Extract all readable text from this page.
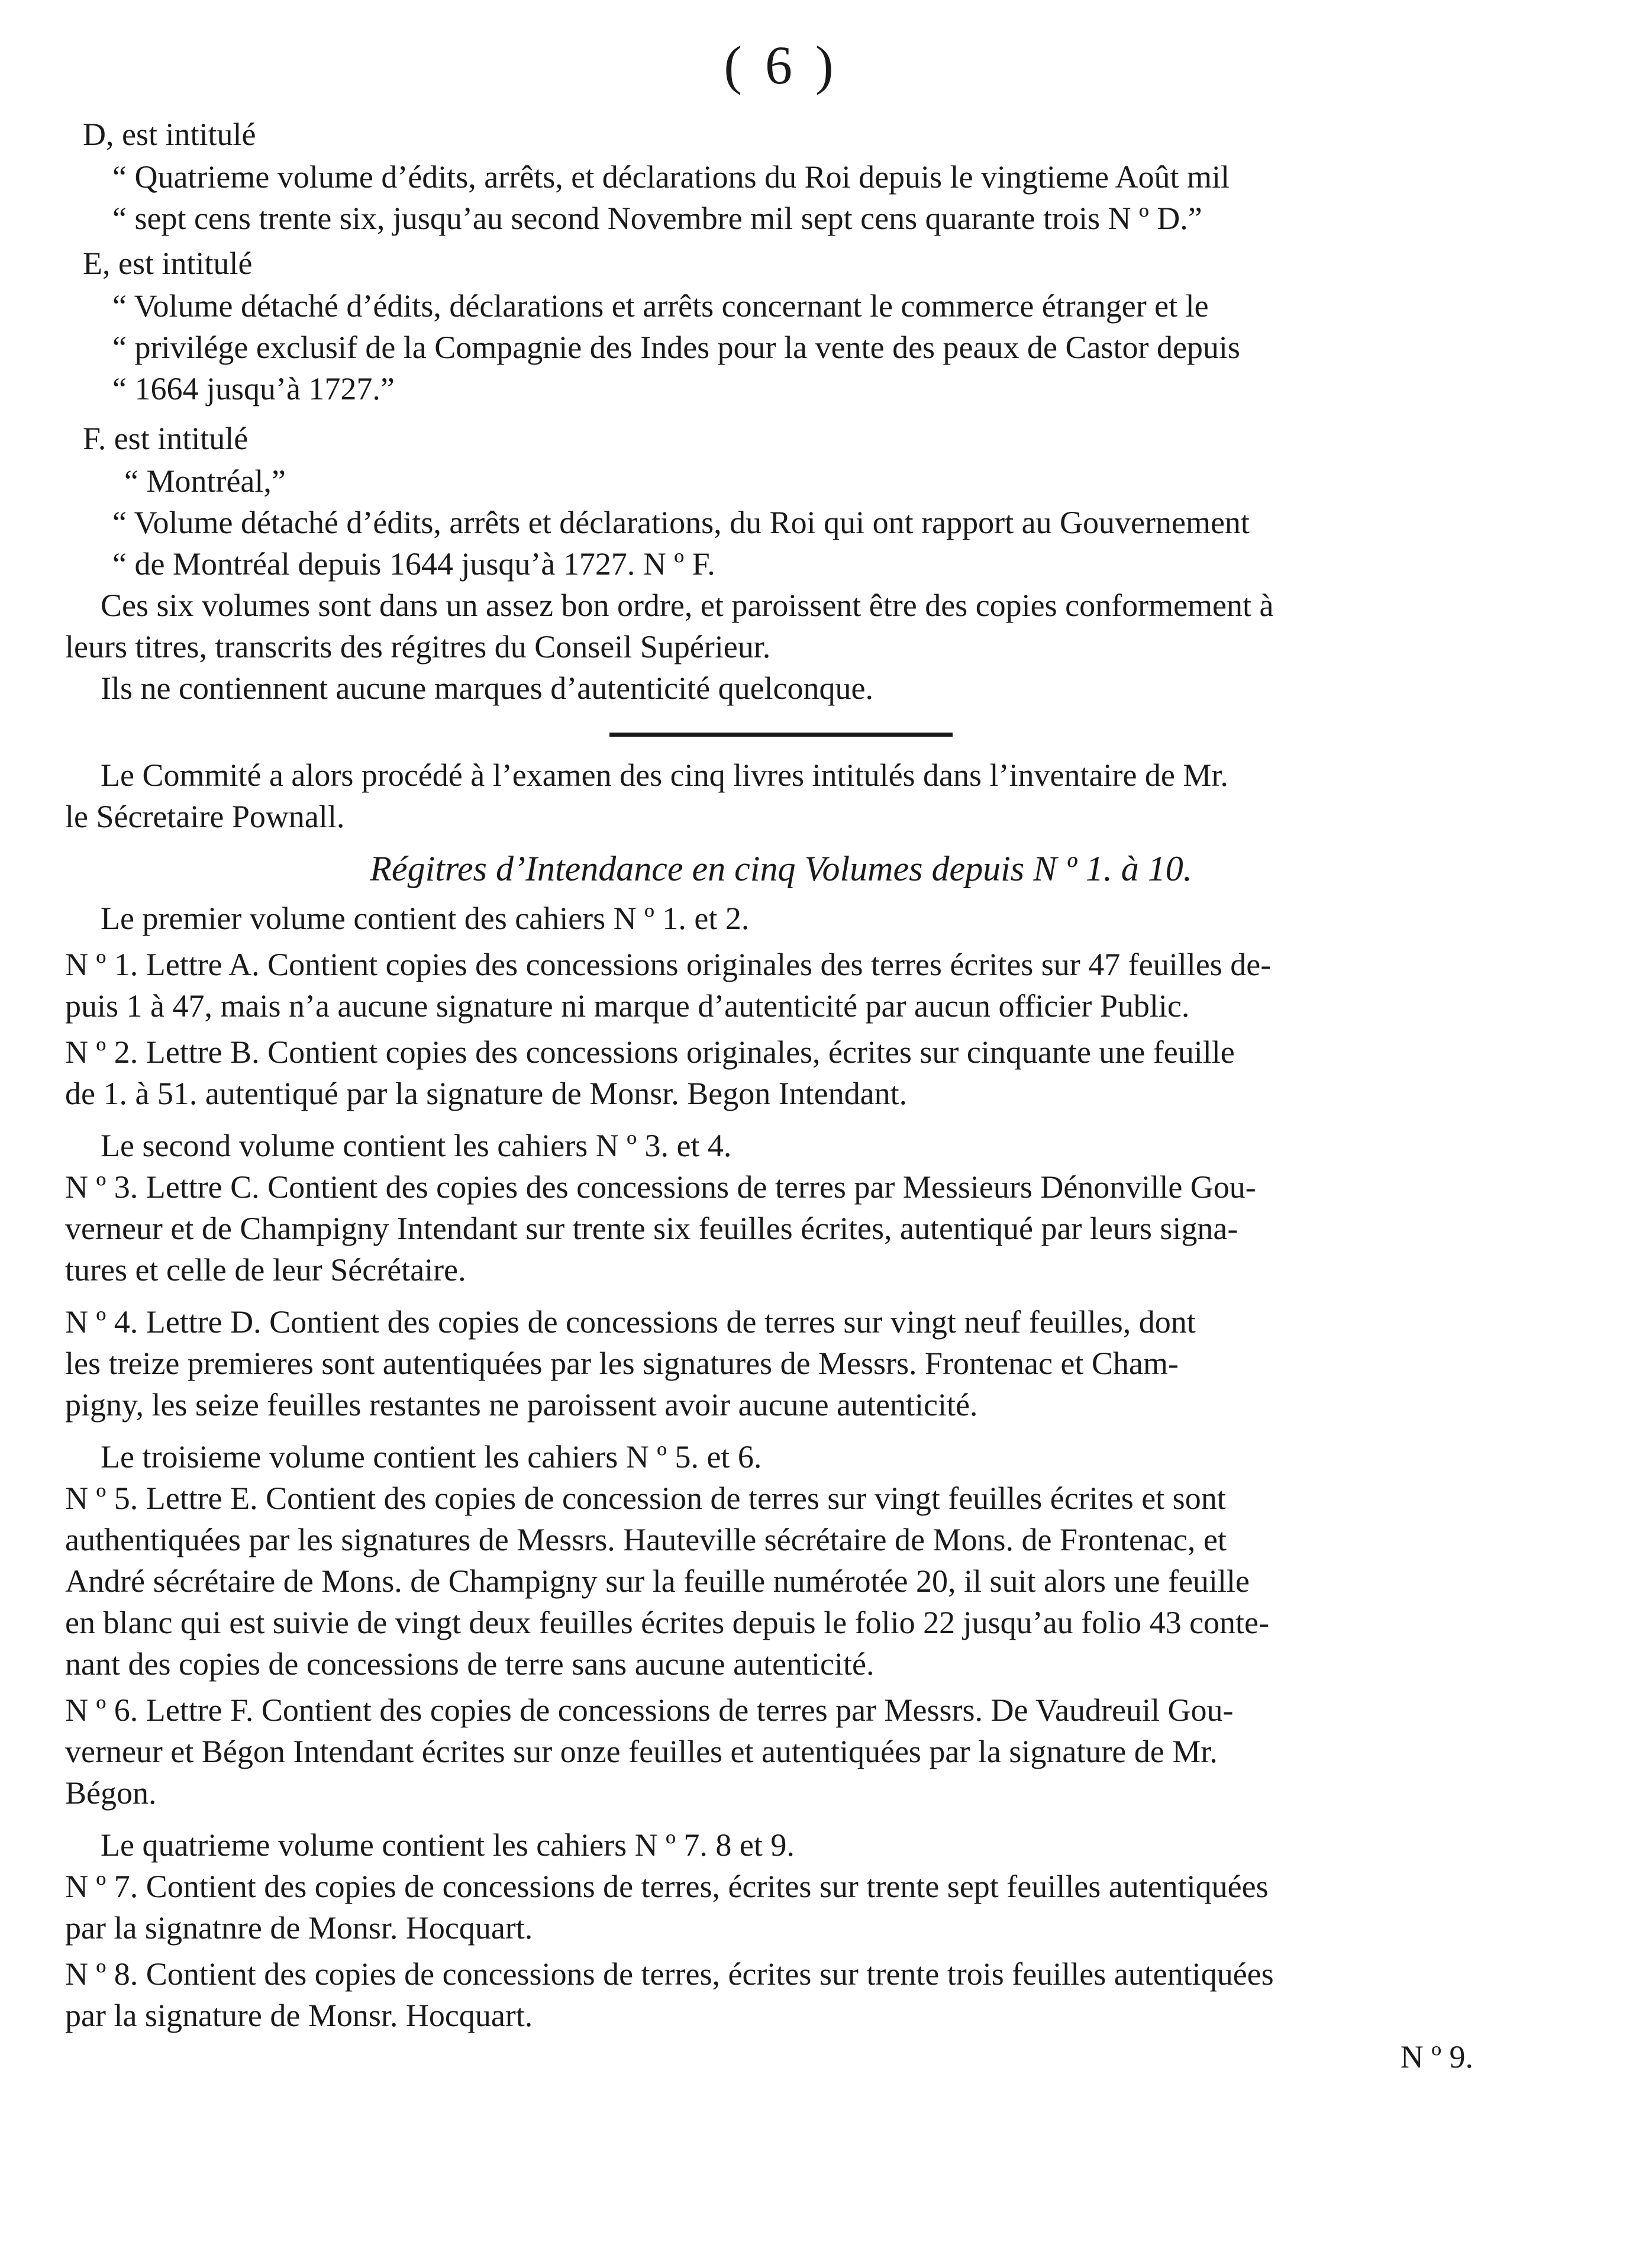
( 6 )
D, est intitulé
“ Quatrieme volume d’édits, arrêts, et déclarations du Roi depuis le vingtieme Août mil
“ sept cens trente six, jusqu’au second Novembre mil sept cens quarante trois N º D.”
E, est intitulé
“ Volume détaché d’édits, déclarations et arrêts concernant le commerce étranger et le
“ privilége exclusif de la Compagnie des Indes pour la vente des peaux de Castor depuis
“ 1664 jusqu’à 1727.”
F. est intitulé
“ Montréal,”
“ Volume détaché d’édits, arrêts et déclarations, du Roi qui ont rapport au Gouvernement
“ de Montréal depuis 1644 jusqu’à 1727. N º F.
Ces six volumes sont dans un assez bon ordre, et paroissent être des copies conformement à
leurs titres, transcrits des régitres du Conseil Supérieur.
Ils ne contiennent aucune marques d’autenticité quelconque.
Le Commité a alors procédé à l’examen des cinq livres intitulés dans l’inventaire de Mr.
le Sécretaire Pownall.
Régitres d’Intendance en cinq Volumes depuis N º 1. à 10.
Le premier volume contient des cahiers N º 1. et 2.
N º 1. Lettre A. Contient copies des concessions originales des terres écrites sur 47 feuilles de-
puis 1 à 47, mais n’a aucune signature ni marque d’autenticité par aucun officier Public.
N º 2. Lettre B. Contient copies des concessions originales, écrites sur cinquante une feuille
de 1. à 51. autentiqué par la signature de Monsr. Begon Intendant.
Le second volume contient les cahiers N º 3. et 4.
N º 3. Lettre C. Contient des copies des concessions de terres par Messieurs Dénonville Gou-
verneur et de Champigny Intendant sur trente six feuilles écrites, autentiqué par leurs signa-
tures et celle de leur Sécrétaire.
N º 4. Lettre D. Contient des copies de concessions de terres sur vingt neuf feuilles, dont
les treize premieres sont autentiquées par les signatures de Messrs. Frontenac et Cham-
pigny, les seize feuilles restantes ne paroissent avoir aucune autenticité.
Le troisieme volume contient les cahiers N º 5. et 6.
N º 5. Lettre E. Contient des copies de concession de terres sur vingt feuilles écrites et sont
authentiquées par les signatures de Messrs. Hauteville sécrétaire de Mons. de Frontenac, et
André sécrétaire de Mons. de Champigny sur la feuille numérotée 20, il suit alors une feuille
en blanc qui est suivie de vingt deux feuilles écrites depuis le folio 22 jusqu’au folio 43 conte-
nant des copies de concessions de terre sans aucune autenticité.
N º 6. Lettre F. Contient des copies de concessions de terres par Messrs. De Vaudreuil Gou-
verneur et Bégon Intendant écrites sur onze feuilles et autentiquées par la signature de Mr.
Bégon.
Le quatrieme volume contient les cahiers N º 7. 8 et 9.
N º 7. Contient des copies de concessions de terres, écrites sur trente sept feuilles autentiquées
par la signatnre de Monsr. Hocquart.
N º 8. Contient des copies de concessions de terres, écrites sur trente trois feuilles autentiquées
par la signature de Monsr. Hocquart.
N º 9.
